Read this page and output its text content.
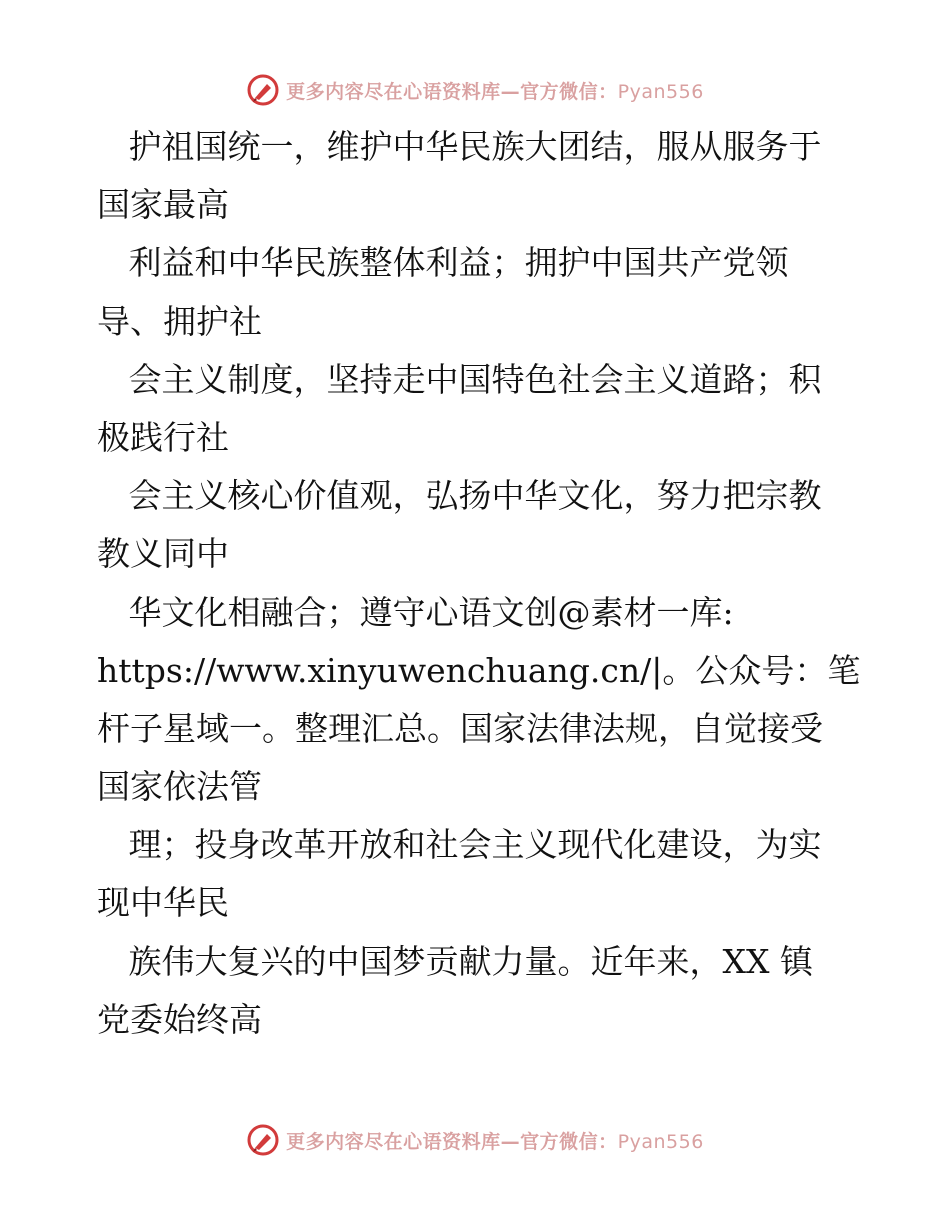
更多内容尽在心语资料库—官方微信：Pyan556
护祖国统一，维护中华民族大团结，服从服务于
国家最高
利益和中华民族整体利益；拥护中国共产党领
导、拥护社
会主义制度，坚持走中国特色社会主义道路；积
极践行社
会主义核心价值观，弘扬中华文化，努力把宗教
教义同中
华文化相融合；遵守心语文创@素材一库:
https://www.xinyuwenchuang.cn/|。公众号：笔
杆子星域一。整理汇总。国家法律法规，自觉接受
国家依法管
理；投身改革开放和社会主义现代化建设，为实
现中华民
族伟大复兴的中国梦贡献力量。近年来，XX 镇
党委始终高
更多内容尽在心语资料库—官方微信：Pyan556
